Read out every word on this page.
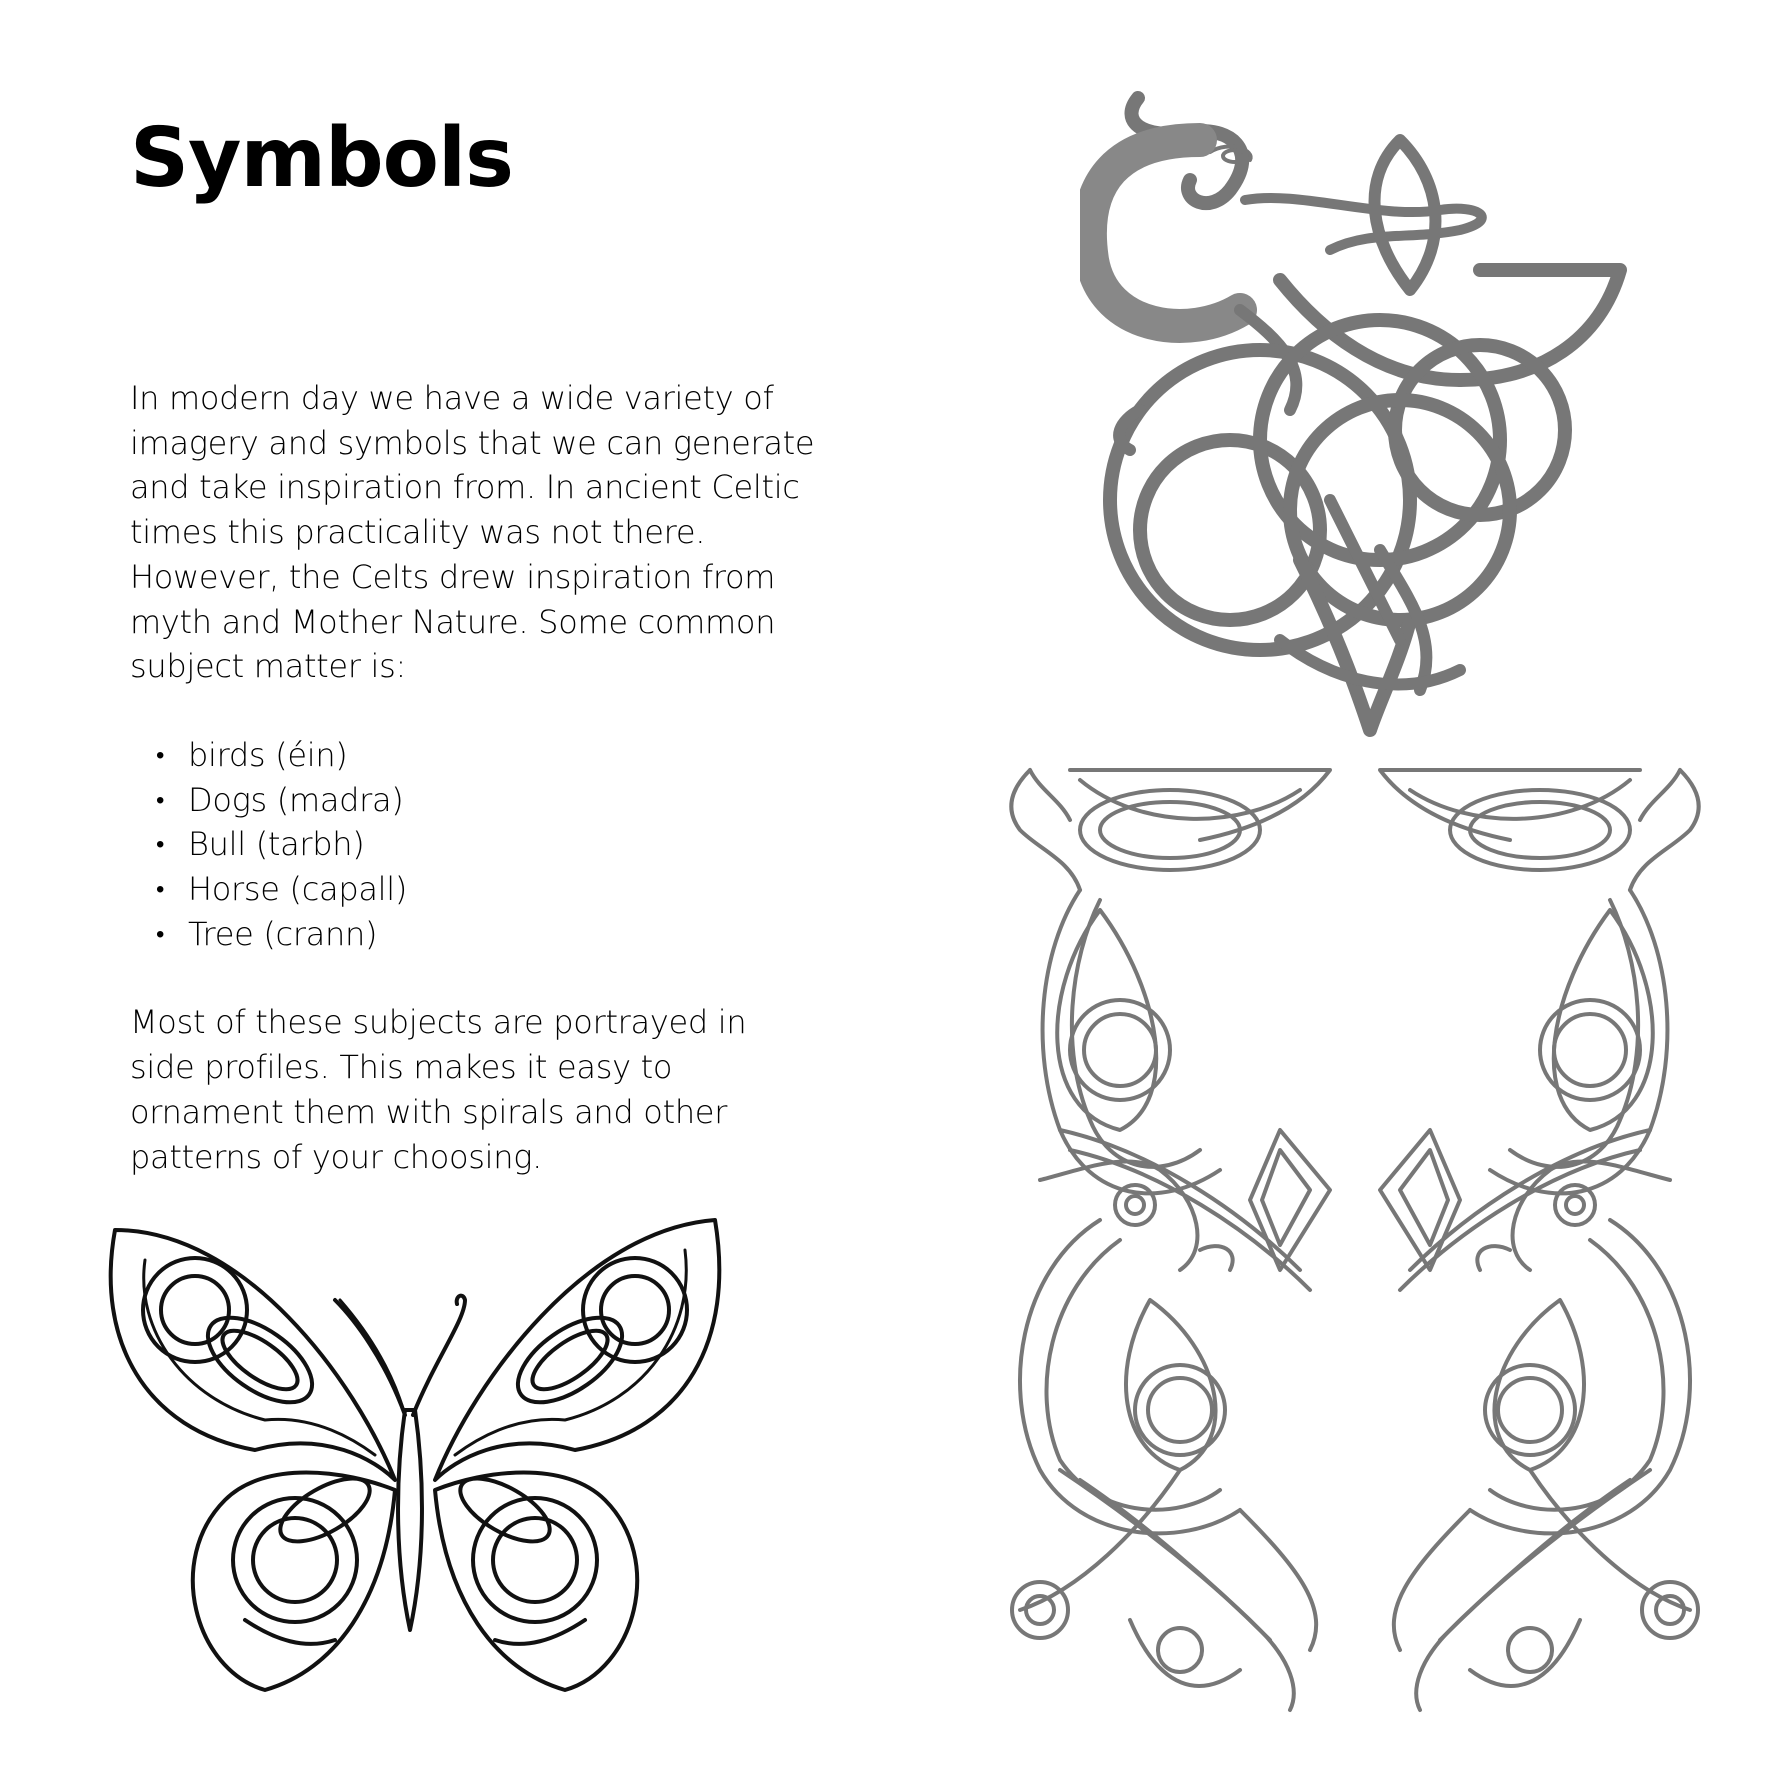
Symbols

In modern day we have a wide variety of imagery and symbols that we can generate and take inspiration from. In ancient Celtic times this practicality was not there. However, the Celts drew inspiration from myth and Mother Nature. Some common subject matter is:

• birds (éin)
• Dogs (madra)
• Bull (tarbh)
• Horse (capall)
• Tree (crann)

Most of these subjects are portrayed in side profiles. This makes it easy to ornament them with spirals and other patterns of your choosing.
